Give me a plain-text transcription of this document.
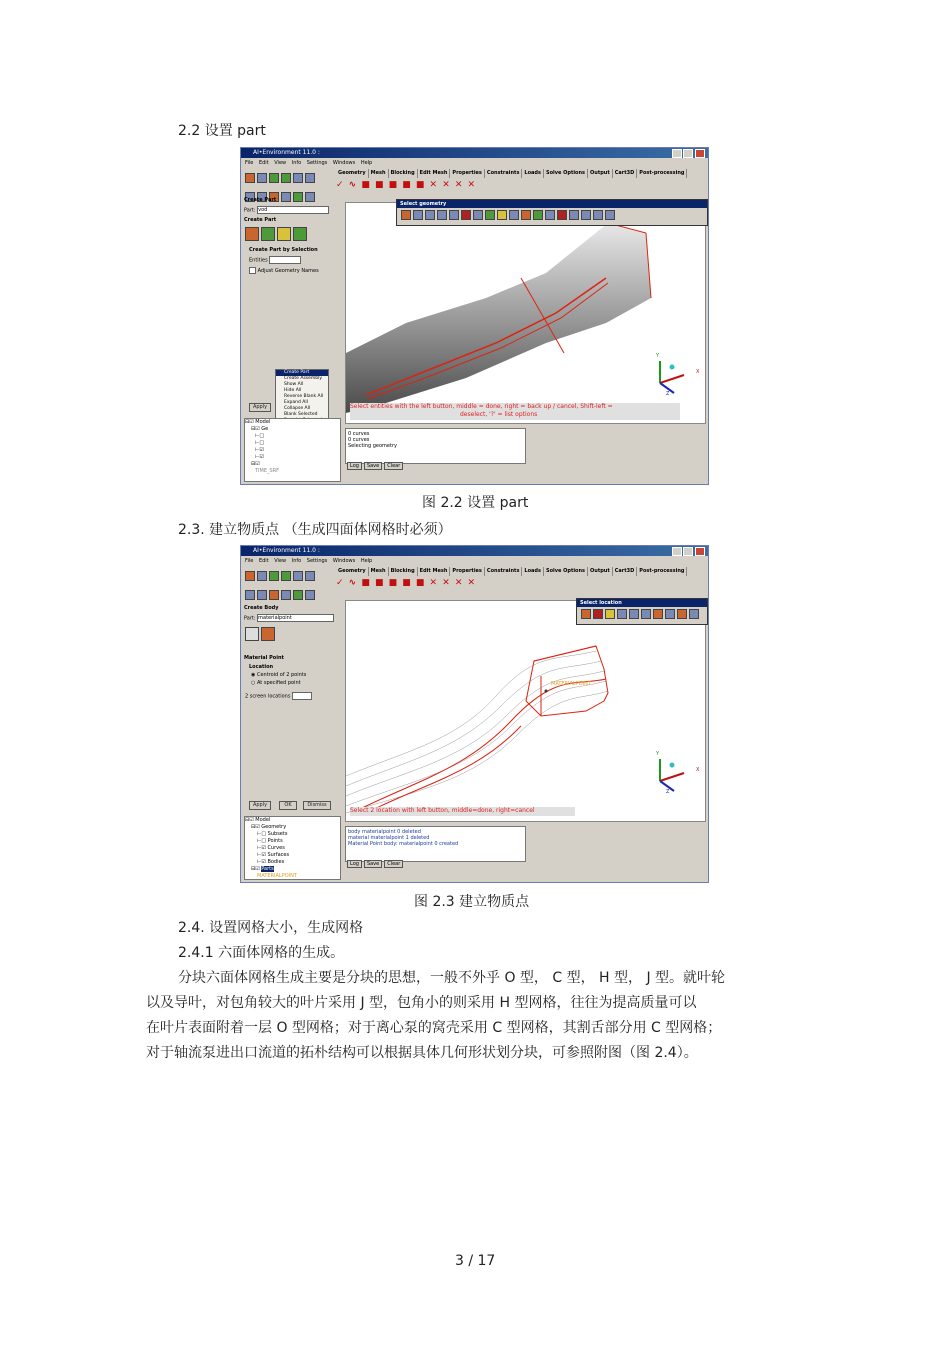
2.2 设置 part
AI•Environment 11.0 :
File Edit View Info Settings Windows Help

Geometry Mesh Blocking Edit Mesh Properties Constraints Loads Solve Options Output Cart3D Post-processing
✓ ∿ ■ ■ ■ ■ ■ ✕ ✕ ✕ ✕
Create Part
Part: vod
Create Part
Create Part by Selection
Entities
Adjust Geometry Names
Apply
Create Part
Create Assembly
Show All
Hide All
Reverse Blank All
Expand All
Collapse All
Blank Selected
⊟☑ Model
⊟☑ Ge
⊢□
⊢□
⊢☑
⊢☑
⊟☑
TIME_SRF
Y
X
Z
Select entities with the left button, middle = done, right = back up / cancel, Shift-left =
deselect, '?' = list options
Select geometry
0 curves
0 curves
Selecting geometry
Log Save Clear
图 2.2 设置 part
2.3. 建立物质点 （生成四面体网格时必须）
AI•Environment 11.0 :
File Edit View Info Settings Windows Help

Geometry Mesh Blocking Edit Mesh Properties Constraints Loads Solve Options Output Cart3D Post-processing
✓ ∿ ■ ■ ■ ■ ■ ✕ ✕ ✕ ✕
Create Body
Part: materialpoint
Material Point
Location
◉ Centroid of 2 points
○ At specified point
2 screen locations
Apply	OK	Dismiss
⊟☑ Model
⊟☑ Geometry
⊢□ Subsets
⊢□ Points
⊢☑ Curves
⊢☑ Surfaces
⊢☑ Bodies
⊟☑ Parts
MATERIALPOINT
MATERIALPOINT
Y
X
Z
Select 2 location with left button, middle=done, right=cancel
Select location
body materialpoint 0 deleted
material materialpoint 1 deleted
Material Point body: materialpoint 0 created
Log Save Clear
图 2.3 建立物质点
2.4. 设置网格大小，生成网格
2.4.1 六面体网格的生成。
分块六面体网格生成主要是分块的思想，一般不外乎 O 型， C 型， H 型， J 型。就叶轮
以及导叶，对包角较大的叶片采用 J 型，包角小的则采用 H 型网格，往往为提高质量可以
在叶片表面附着一层 O 型网格；对于离心泵的窝壳采用 C 型网格，其割舌部分用 C 型网格；
对于轴流泵进出口流道的拓朴结构可以根据具体几何形状划分块，可参照附图（图 2.4）。
3 / 17
